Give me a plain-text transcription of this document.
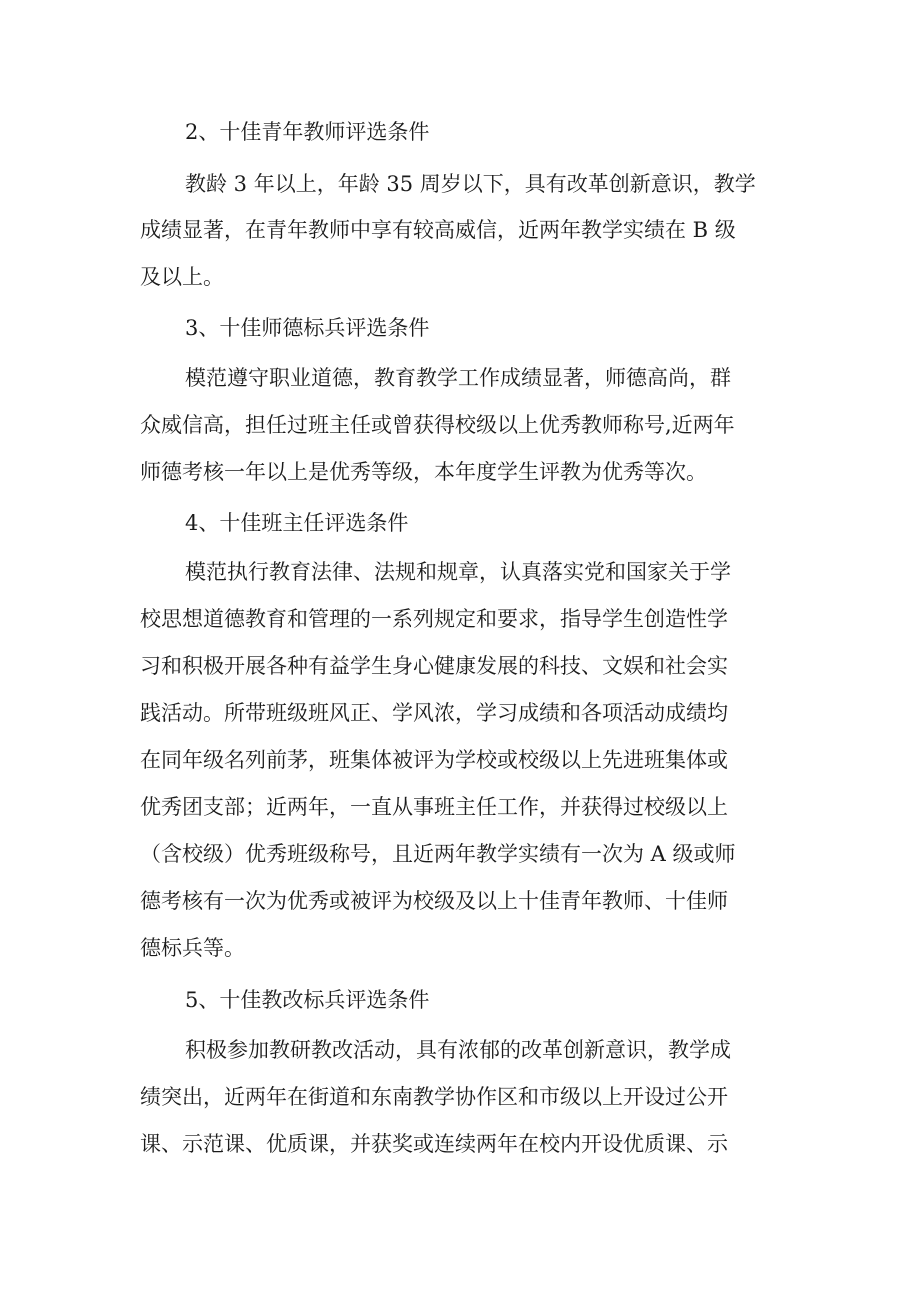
2、十佳青年教师评选条件
教龄 3 年以上，年龄 35 周岁以下，具有改革创新意识，教学
成绩显著，在青年教师中享有较高威信，近两年教学实绩在 B 级
及以上。
3、十佳师德标兵评选条件
模范遵守职业道德，教育教学工作成绩显著，师德高尚，群
众威信高，担任过班主任或曾获得校级以上优秀教师称号,近两年
师德考核一年以上是优秀等级，本年度学生评教为优秀等次。
4、十佳班主任评选条件
模范执行教育法律、法规和规章，认真落实党和国家关于学
校思想道德教育和管理的一系列规定和要求，指导学生创造性学
习和积极开展各种有益学生身心健康发展的科技、文娱和社会实
践活动。所带班级班风正、学风浓，学习成绩和各项活动成绩均
在同年级名列前茅，班集体被评为学校或校级以上先进班集体或
优秀团支部；近两年，一直从事班主任工作，并获得过校级以上
（含校级）优秀班级称号，且近两年教学实绩有一次为 A 级或师
德考核有一次为优秀或被评为校级及以上十佳青年教师、十佳师
德标兵等。
5、十佳教改标兵评选条件
积极参加教研教改活动，具有浓郁的改革创新意识，教学成
绩突出，近两年在街道和东南教学协作区和市级以上开设过公开
课、示范课、优质课，并获奖或连续两年在校内开设优质课、示
